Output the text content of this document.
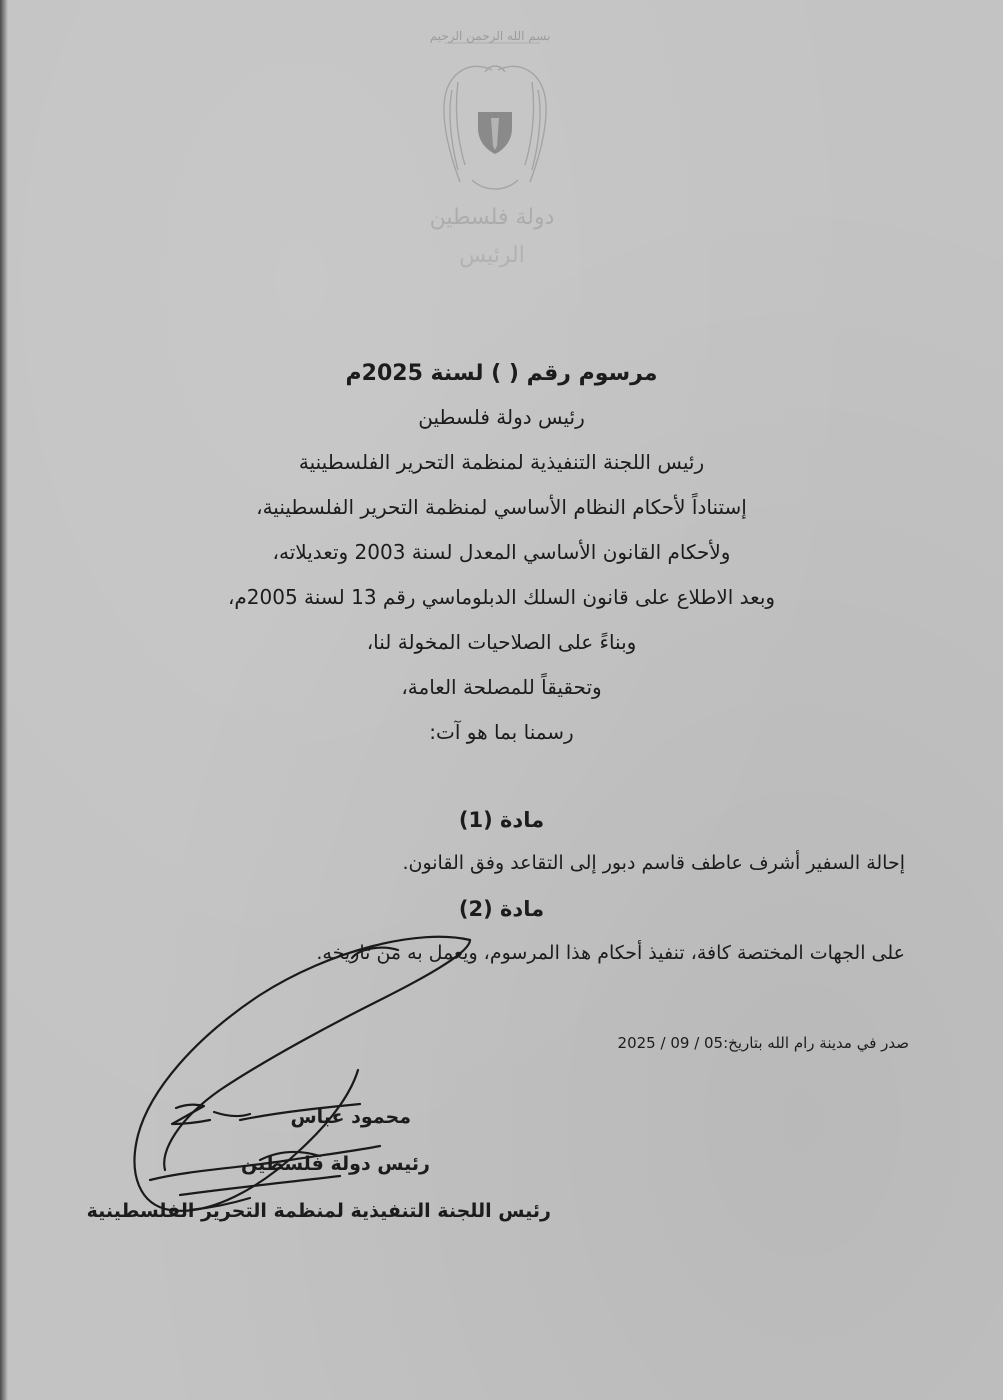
بسم الله الرحمن الرحيم
دولة فلسطين
الرئيس
مرسوم رقم ( ) لسنة 2025م
رئيس دولة فلسطين
رئيس اللجنة التنفيذية لمنظمة التحرير الفلسطينية
إستناداً لأحكام النظام الأساسي لمنظمة التحرير الفلسطينية،
ولأحكام القانون الأساسي المعدل لسنة 2003 وتعديلاته،
وبعد الاطلاع على قانون السلك الدبلوماسي رقم 13 لسنة 2005م،
وبناءً على الصلاحيات المخولة لنا،
وتحقيقاً للمصلحة العامة،
رسمنا بما هو آت:
مادة (1)
إحالة السفير أشرف عاطف قاسم دبور إلى التقاعد وفق القانون.
مادة (2)
على الجهات المختصة كافة، تنفيذ أحكام هذا المرسوم، ويعمل به من تاريخه.
صدر في مدينة رام الله بتاريخ:05 / 09 / 2025
محمود عباس
رئيس دولة فلسطين
رئيس اللجنة التنفيذية لمنظمة التحرير الفلسطينية
